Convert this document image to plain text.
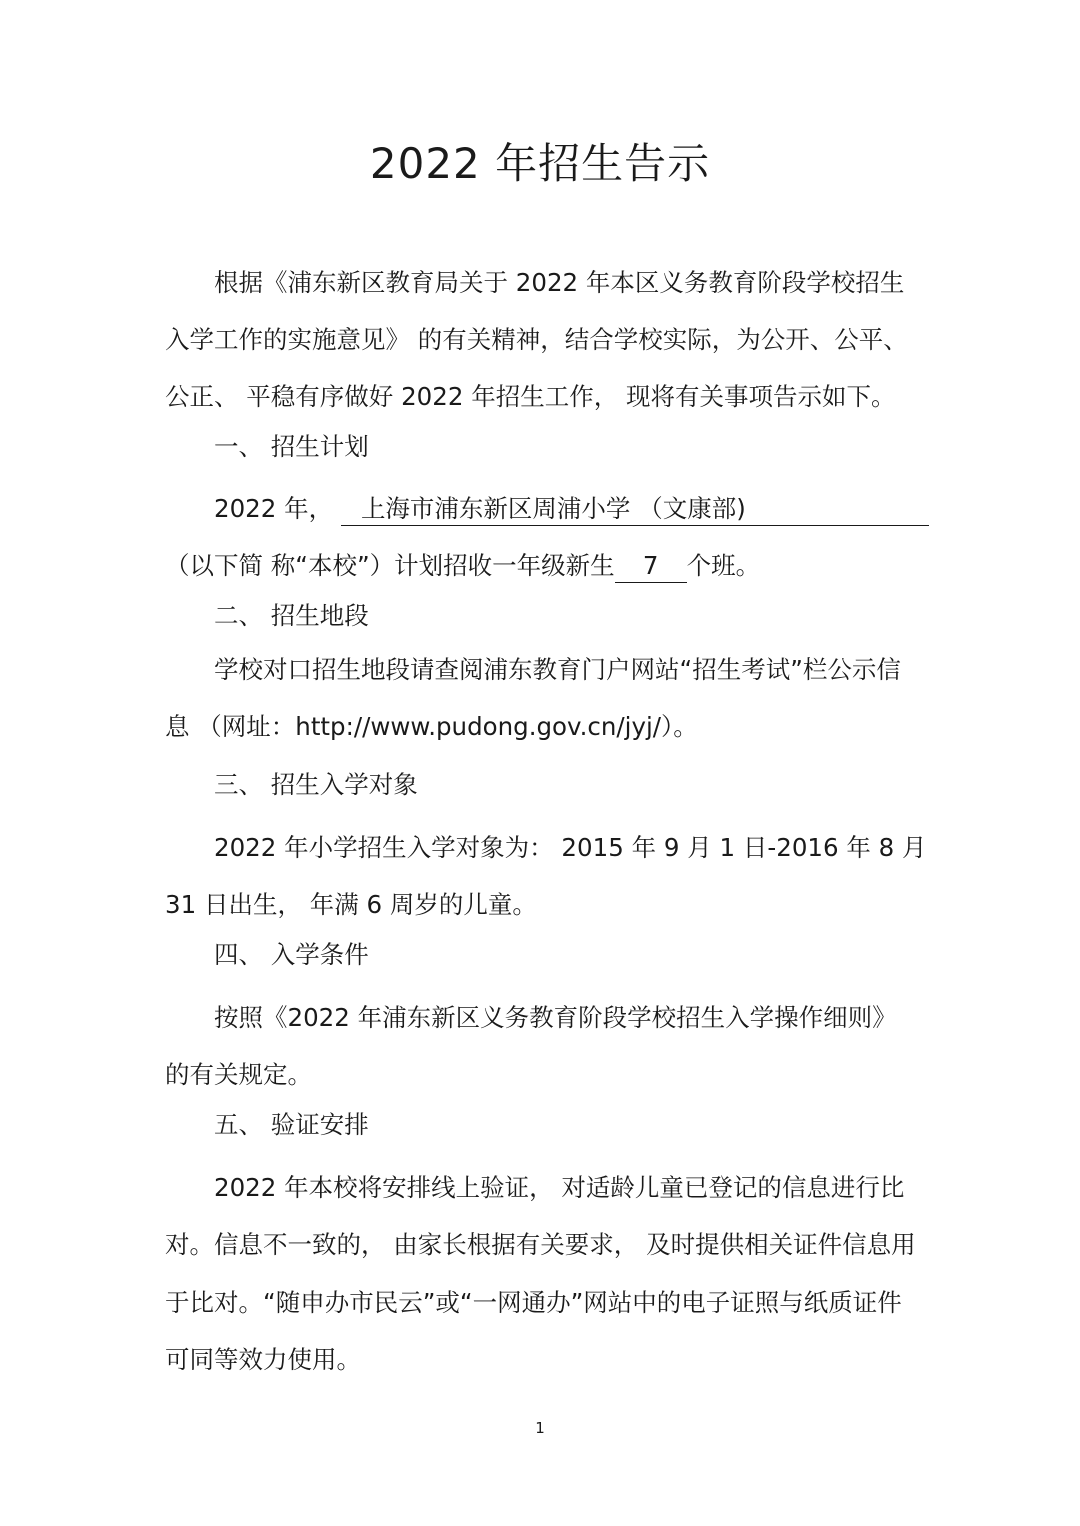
2022 年招生告示

根据《浦东新区教育局关于 2022 年本区义务教育阶段学校招生

入学工作的实施意见》 的有关精神，结合学校实际，为公开、公平、

公正、 平稳有序做好 2022 年招生工作， 现将有关事项告示如下。

一、 招生计划

2022 年， 上海市浦东新区周浦小学 （文康部)

（以下简 称“本校”）计划招收一年级新生 7 个班。

二、 招生地段

学校对口招生地段请查阅浦东教育门户网站“招生考试”栏公示信

息 （网址：http://www.pudong.gov.cn/jyj/）。

三、 招生入学对象

2022 年小学招生入学对象为： 2015 年 9 月 1 日-2016 年 8 月

31 日出生， 年满 6 周岁的儿童。

四、 入学条件

按照《2022 年浦东新区义务教育阶段学校招生入学操作细则》

的有关规定。

五、 验证安排

2022 年本校将安排线上验证， 对适龄儿童已登记的信息进行比

对。信息不一致的， 由家长根据有关要求， 及时提供相关证件信息用

于比对。“随申办市民云”或“一网通办”网站中的电子证照与纸质证件

可同等效力使用。

1
